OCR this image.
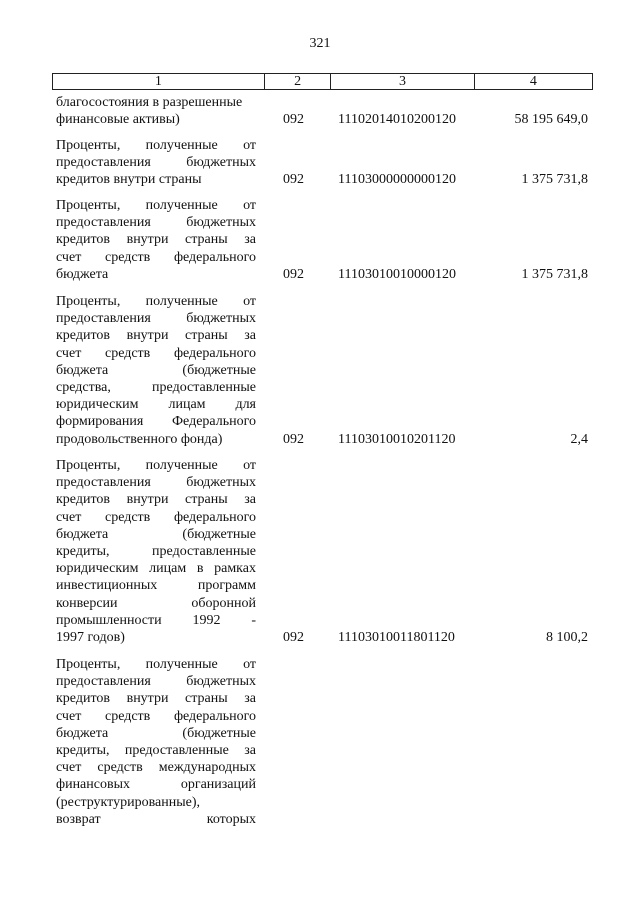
321
1	2	3	4
благосостояния в разрешенные
финансовые активы)	092 11102014010200120	58 195 649,0
Проценты, полученные от
предоставления бюджетных
кредитов внутри страны	092 11103000000000120	1 375 731,8
Проценты, полученные от
предоставления бюджетных
кредитов внутри страны за
счет средств федерального
бюджета	092 11103010010000120	1 375 731,8
Проценты, полученные от
предоставления бюджетных
кредитов внутри страны за
счет средств федерального
бюджета (бюджетные
средства, предоставленные
юридическим лицам для
формирования Федерального
продовольственного фонда)	092 11103010010201120	2,4
Проценты, полученные от
предоставления бюджетных
кредитов внутри страны за
счет средств федерального
бюджета (бюджетные
кредиты, предоставленные
юридическим лицам в рамках
инвестиционных программ
конверсии оборонной
промышленности 1992 -
1997 годов)	092 11103010011801120	8 100,2
Проценты, полученные от
предоставления бюджетных
кредитов внутри страны за
счет средств федерального
бюджета (бюджетные
кредиты, предоставленные за
счет средств международных
финансовых организаций
(реструктурированные),
возврат которых
